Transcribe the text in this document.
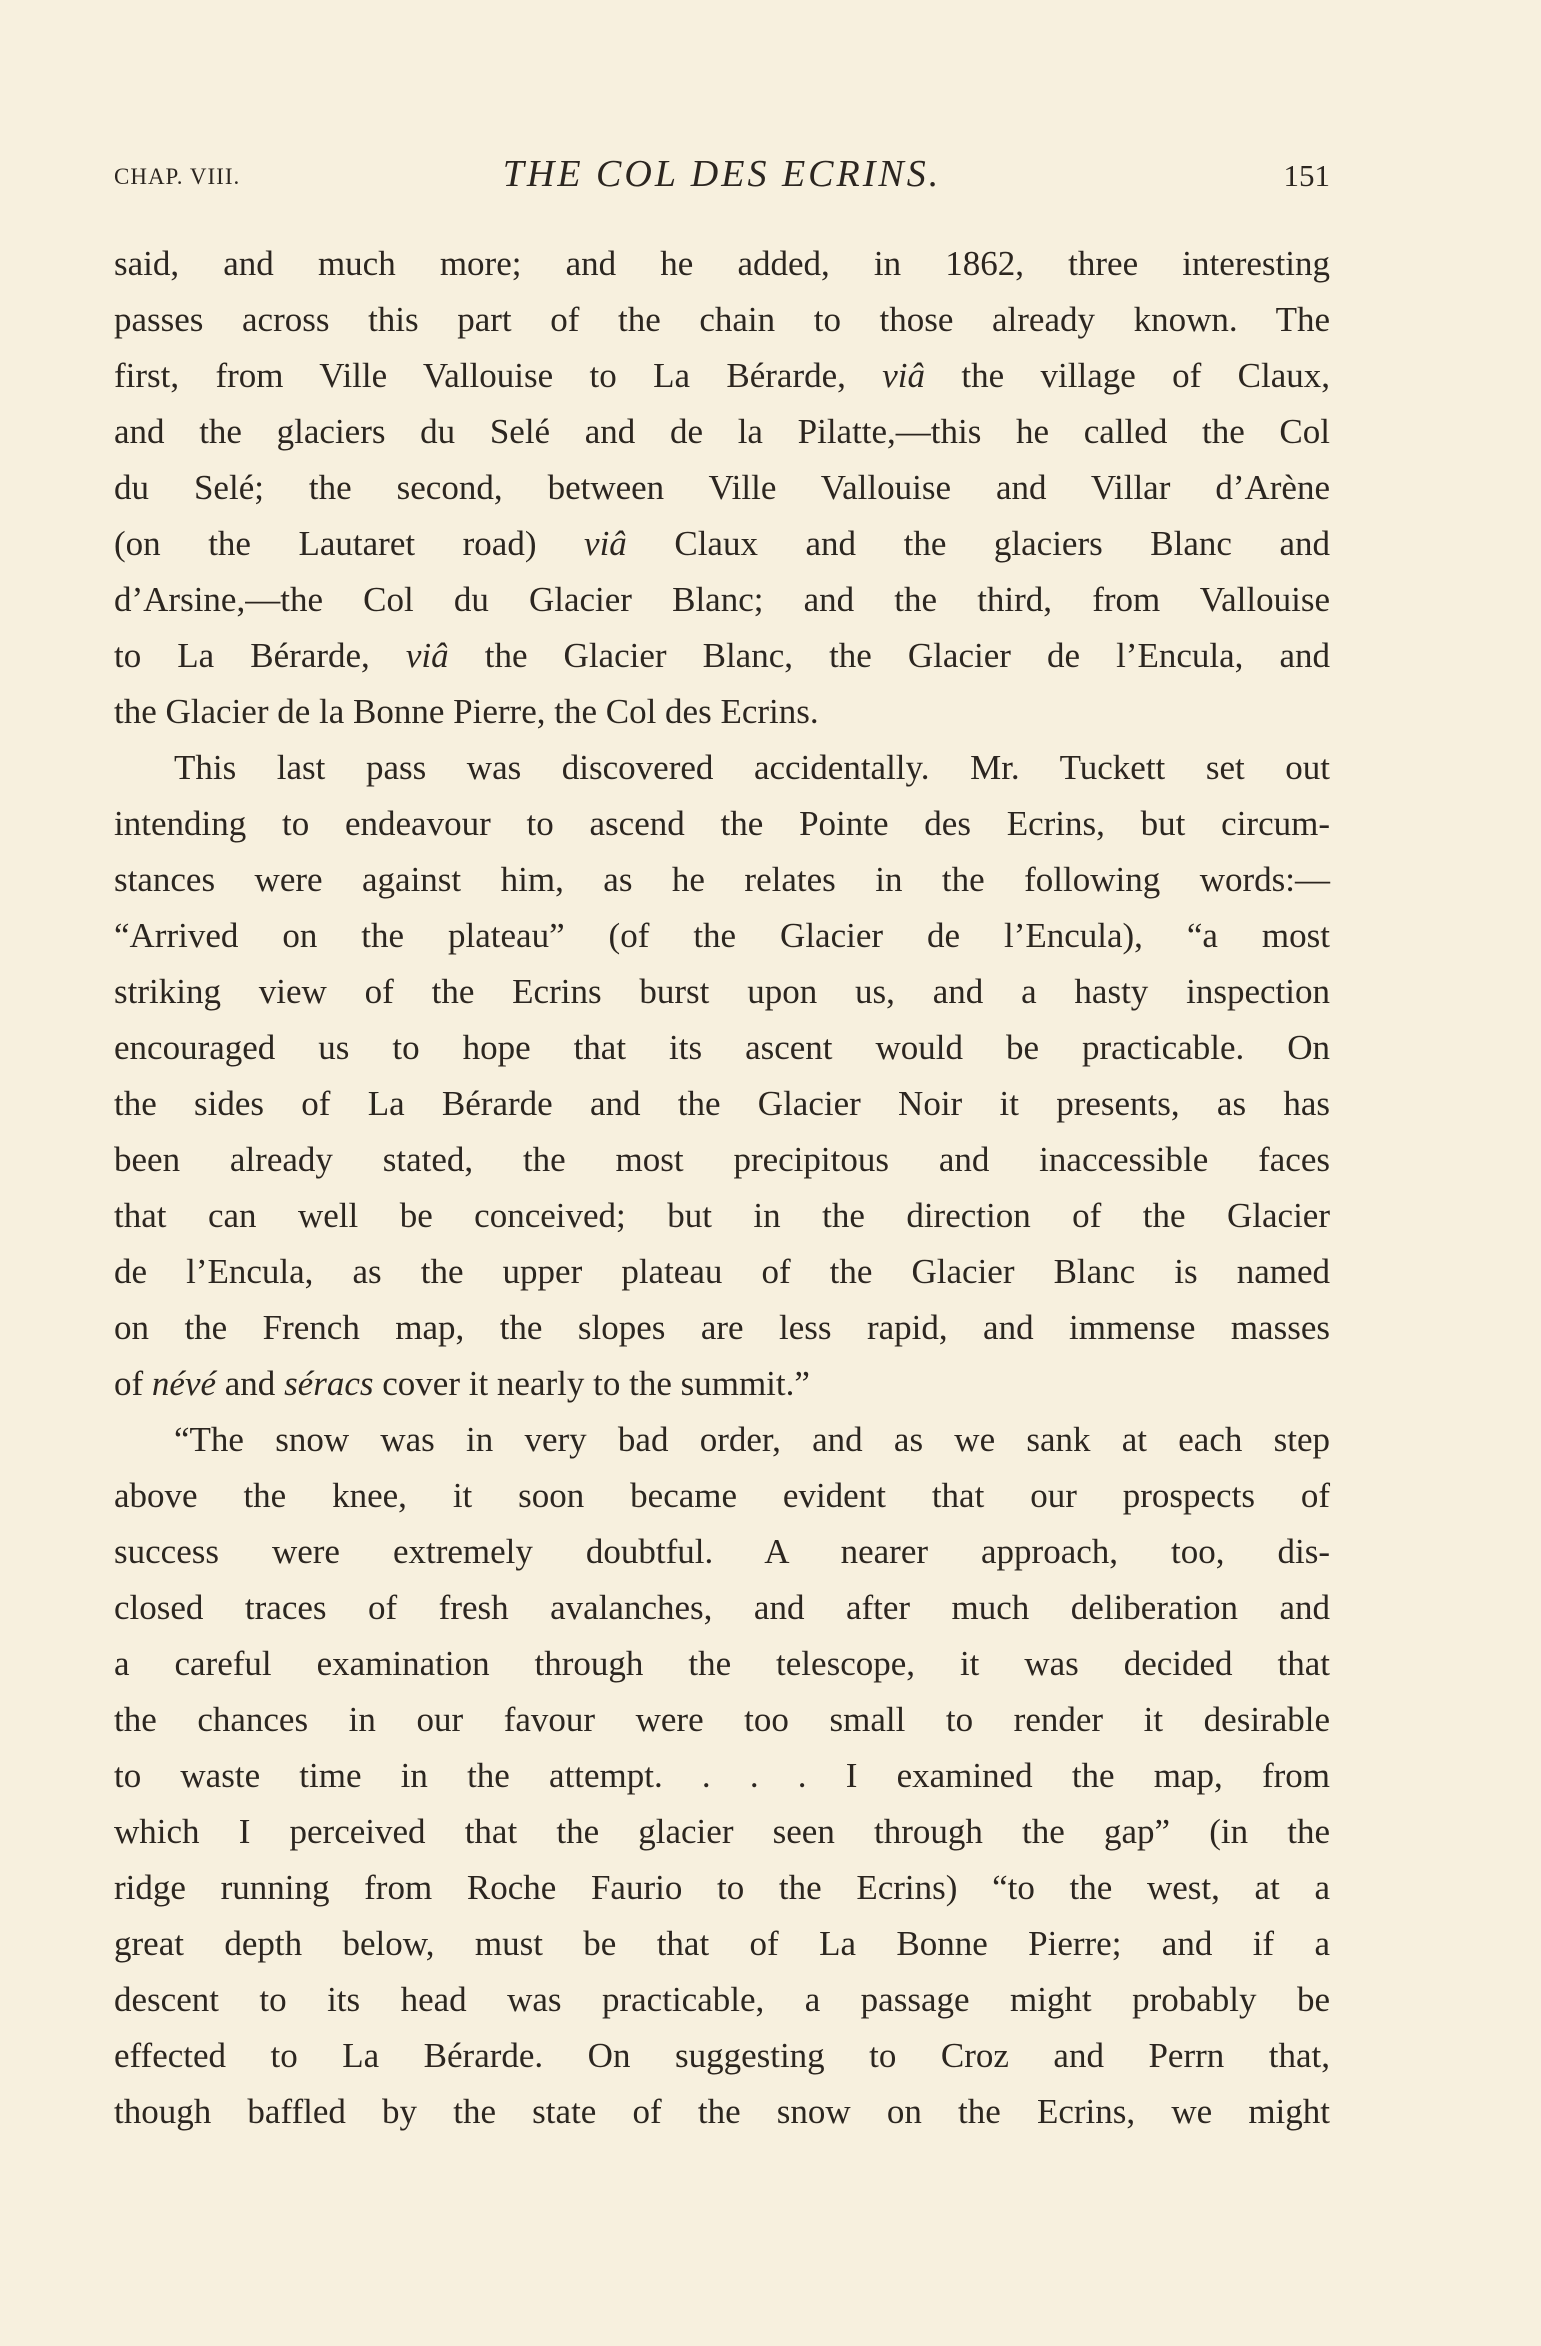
CHAP. VIII.	THE COL DES ECRINS.	151
said, and much more; and he added, in 1862, three interesting
passes across this part of the chain to those already known. The
first, from Ville Vallouise to La Bérarde, viâ the village of Claux,
and the glaciers du Selé and de la Pilatte,—this he called the Col
du Selé; the second, between Ville Vallouise and Villar d’Arène
(on the Lautaret road) viâ Claux and the glaciers Blanc and
d’Arsine,—the Col du Glacier Blanc; and the third, from Vallouise
to La Bérarde, viâ the Glacier Blanc, the Glacier de l’Encula, and
the Glacier de la Bonne Pierre, the Col des Ecrins.
This last pass was discovered accidentally. Mr. Tuckett set out
intending to endeavour to ascend the Pointe des Ecrins, but circum-
stances were against him, as he relates in the following words:—
“Arrived on the plateau” (of the Glacier de l’Encula), “a most
striking view of the Ecrins burst upon us, and a hasty inspection
encouraged us to hope that its ascent would be practicable. On
the sides of La Bérarde and the Glacier Noir it presents, as has
been already stated, the most precipitous and inaccessible faces
that can well be conceived; but in the direction of the Glacier
de l’Encula, as the upper plateau of the Glacier Blanc is named
on the French map, the slopes are less rapid, and immense masses
of névé and séracs cover it nearly to the summit.”
“The snow was in very bad order, and as we sank at each step
above the knee, it soon became evident that our prospects of
success were extremely doubtful. A nearer approach, too, dis-
closed traces of fresh avalanches, and after much deliberation and
a careful examination through the telescope, it was decided that
the chances in our favour were too small to render it desirable
to waste time in the attempt. . . . I examined the map, from
which I perceived that the glacier seen through the gap” (in the
ridge running from Roche Faurio to the Ecrins) “to the west, at a
great depth below, must be that of La Bonne Pierre; and if a
descent to its head was practicable, a passage might probably be
effected to La Bérarde. On suggesting to Croz and Perrn that,
though baffled by the state of the snow on the Ecrins, we might
